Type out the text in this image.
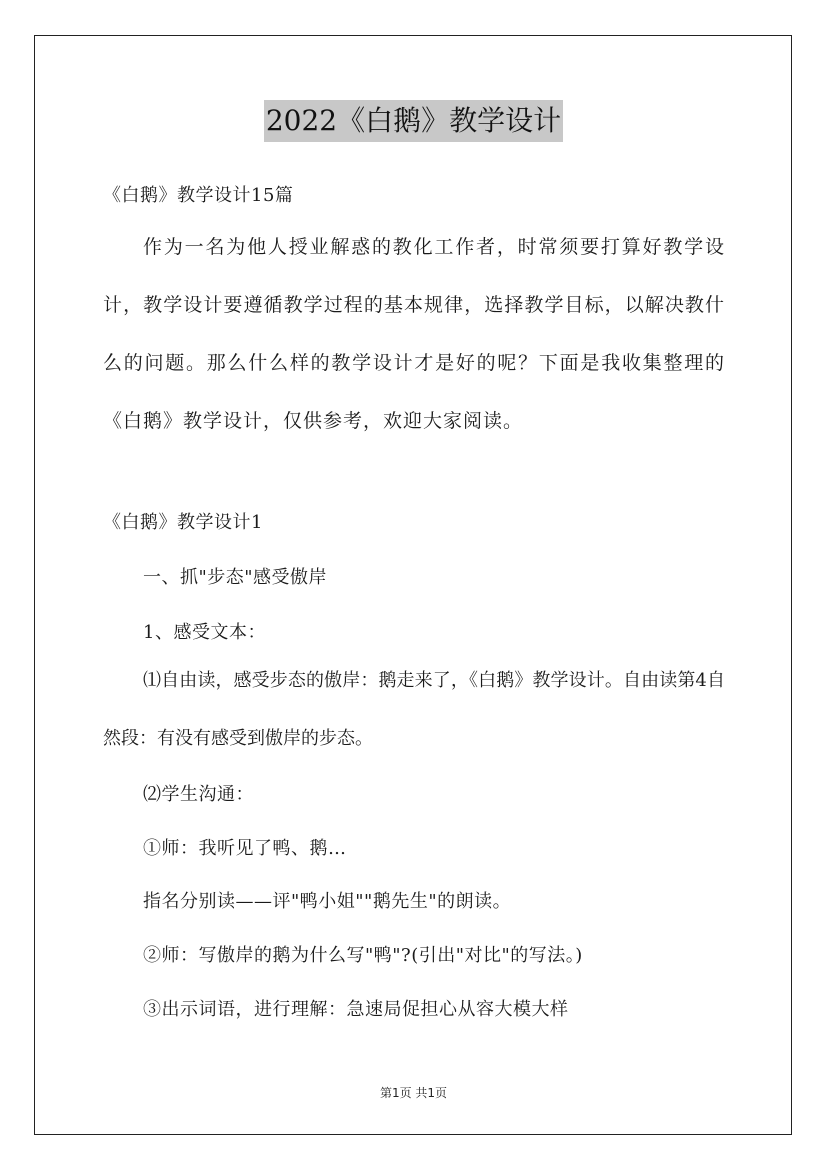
2022《白鹅》教学设计
《白鹅》教学设计15篇
作为一名为他人授业解惑的教化工作者，时常须要打算好教学设计，教学设计要遵循教学过程的基本规律，选择教学目标，以解决教什么的问题。那么什么样的教学设计才是好的呢？下面是我收集整理的《白鹅》教学设计，仅供参考，欢迎大家阅读。
《白鹅》教学设计1
一、抓"步态"感受傲岸
1、感受文本：
⑴自由读，感受步态的傲岸：鹅走来了，《白鹅》教学设计。自由读第4自然段：有没有感受到傲岸的步态。
⑵学生沟通：
①师：我听见了鸭、鹅…
指名分别读——评"鸭小姐""鹅先生"的朗读。
②师：写傲岸的鹅为什么写"鸭"?(引出"对比"的写法。)
③出示词语，进行理解：急速局促担心从容大模大样
第1页 共1页
